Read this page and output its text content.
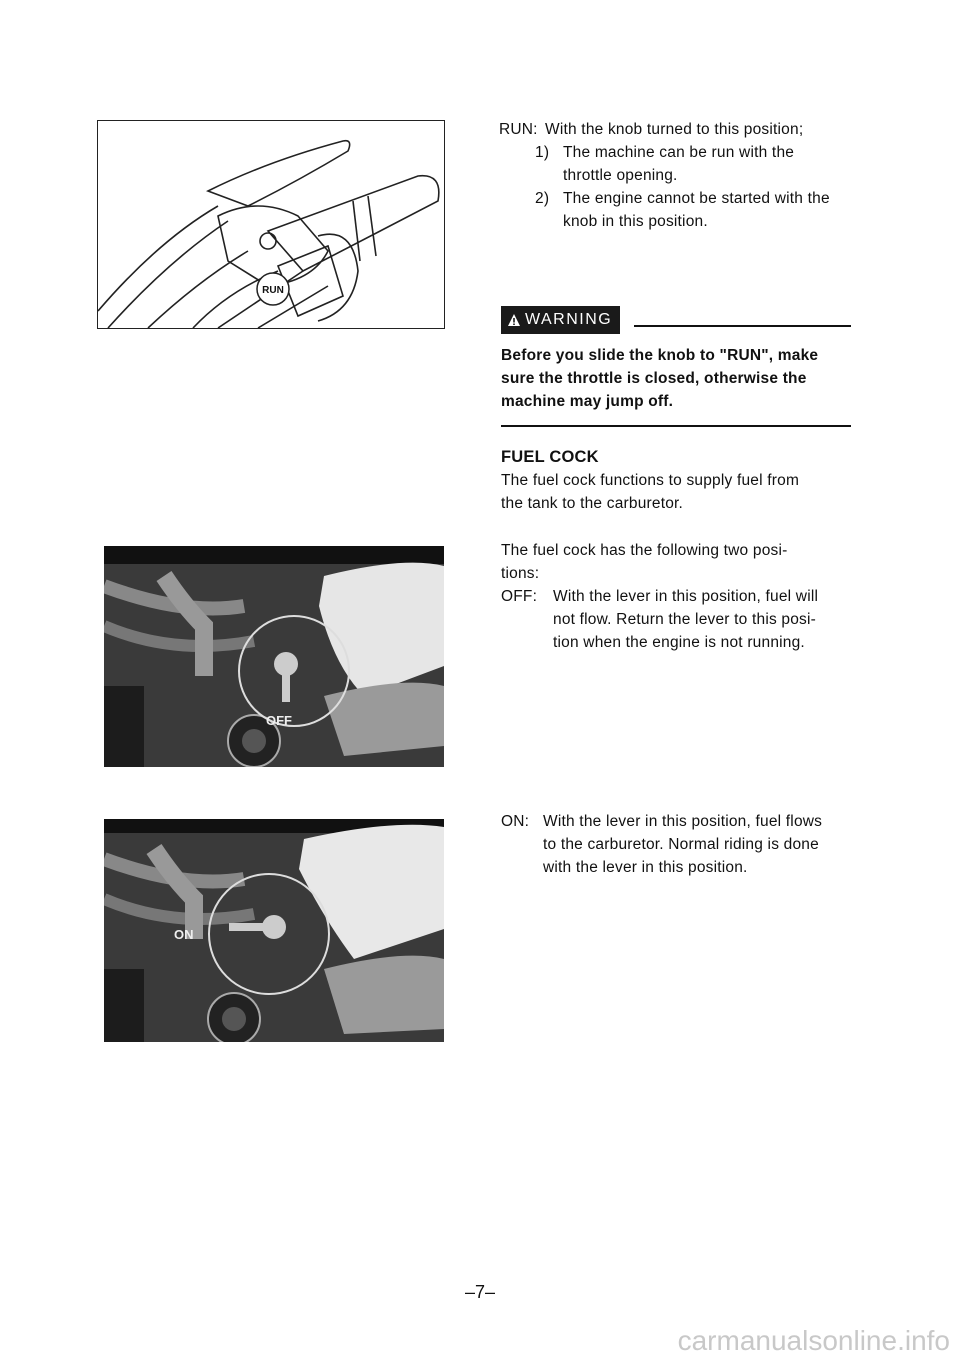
RUN
RUN: With the knob turned to this position;
1) The machine can be run with the
throttle opening.
2) The engine cannot be started with the
knob in this position.
WARNING
Before you slide the knob to "RUN", make
sure the throttle is closed, otherwise the
machine may jump off.
FUEL COCK
The fuel cock functions to supply fuel from
the tank to the carburetor.
The fuel cock has the following two posi-
tions:
OFF:	With the lever in this position, fuel will
not flow. Return the lever to this posi-
tion when the engine is not running.
ON: With the lever in this position, fuel flows
to the carburetor. Normal riding is done
with the lever in this position.
OFF
ON
–7–
carmanualsonline.info
